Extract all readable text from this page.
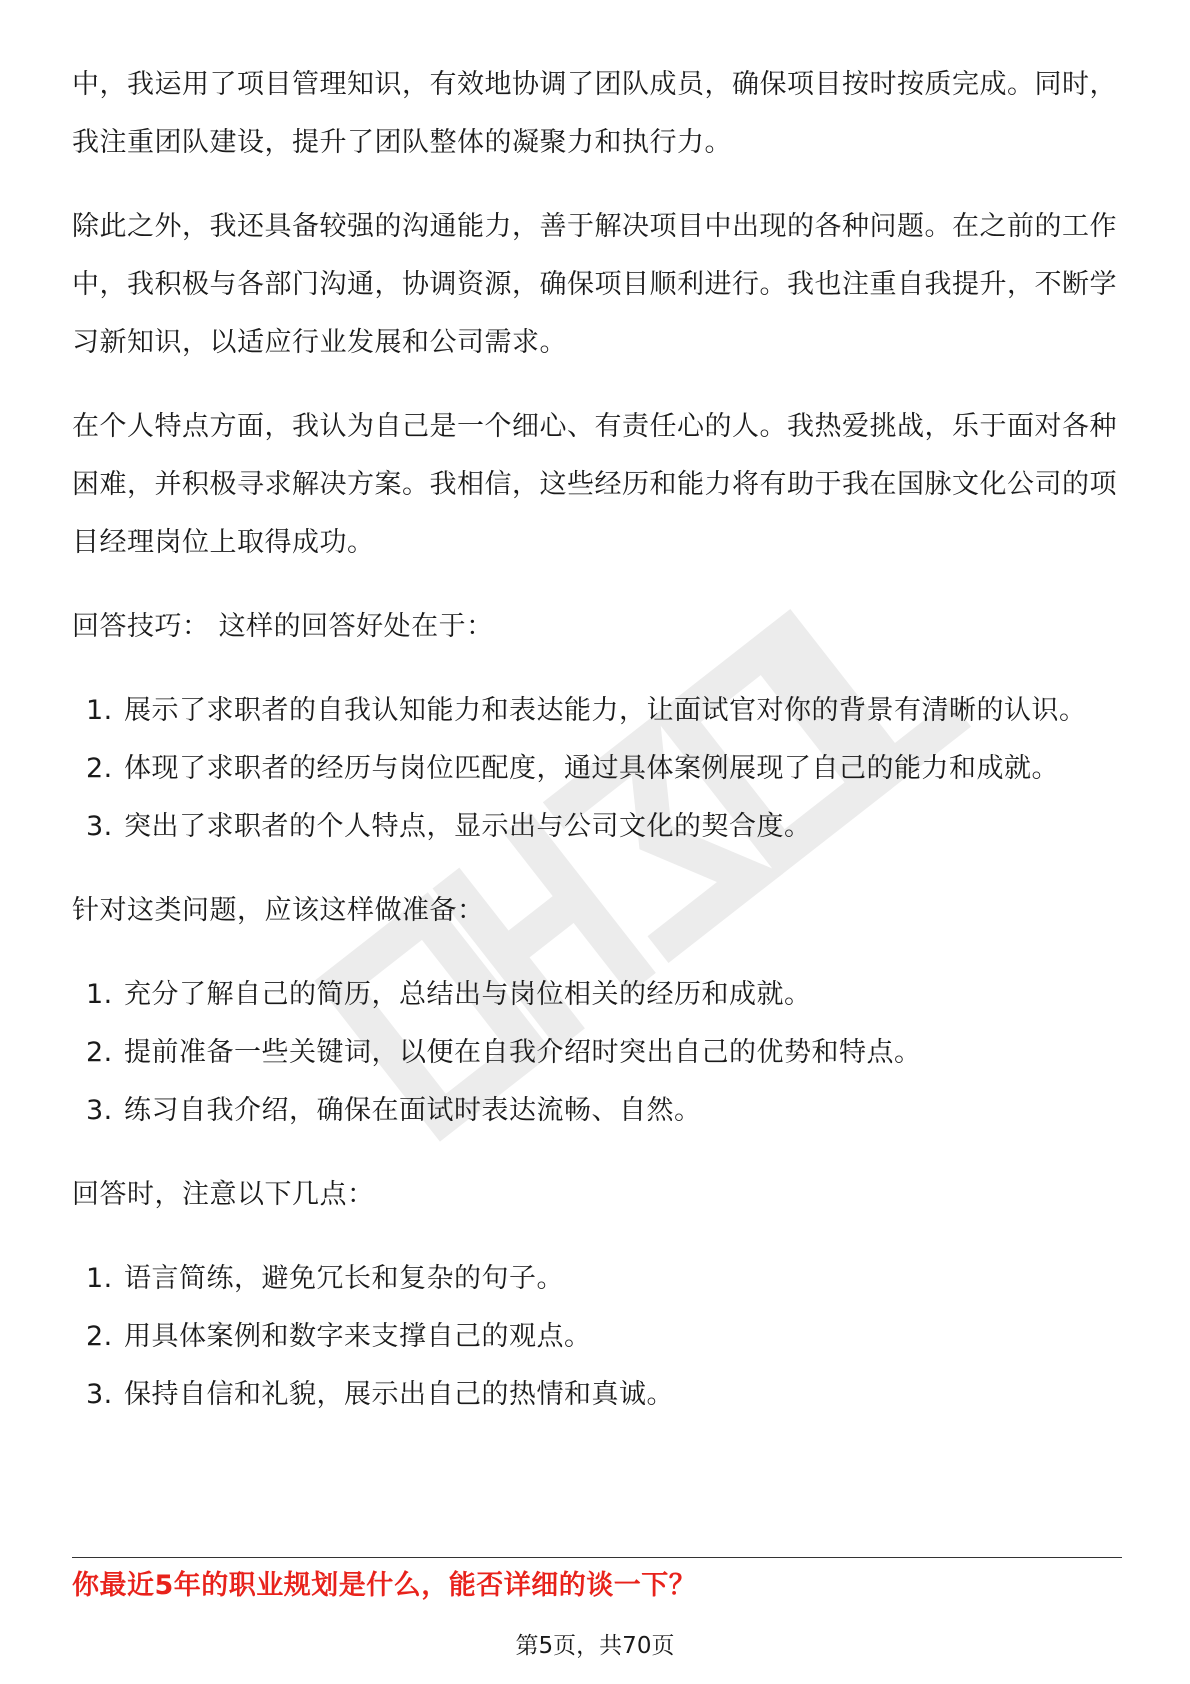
中，我运用了项目管理知识，有效地协调了团队成员，确保项目按时按质完成。同时，我注重团队建设，提升了团队整体的凝聚力和执行力。

除此之外，我还具备较强的沟通能力，善于解决项目中出现的各种问题。在之前的工作中，我积极与各部门沟通，协调资源，确保项目顺利进行。我也注重自我提升，不断学习新知识，以适应行业发展和公司需求。

在个人特点方面，我认为自己是一个细心、有责任心的人。我热爱挑战，乐于面对各种困难，并积极寻求解决方案。我相信，这些经历和能力将有助于我在国脉文化公司的项目经理岗位上取得成功。

回答技巧： 这样的回答好处在于：

1. 展示了求职者的自我认知能力和表达能力，让面试官对你的背景有清晰的认识。
2. 体现了求职者的经历与岗位匹配度，通过具体案例展现了自己的能力和成就。
3. 突出了求职者的个人特点，显示出与公司文化的契合度。

针对这类问题，应该这样做准备：

1. 充分了解自己的简历，总结出与岗位相关的经历和成就。
2. 提前准备一些关键词，以便在自我介绍时突出自己的优势和特点。
3. 练习自我介绍，确保在面试时表达流畅、自然。

回答时，注意以下几点：

1. 语言简练，避免冗长和复杂的句子。
2. 用具体案例和数字来支撑自己的观点。
3. 保持自信和礼貌，展示出自己的热情和真诚。
你最近5年的职业规划是什么，能否详细的谈一下？
第5页，共70页
